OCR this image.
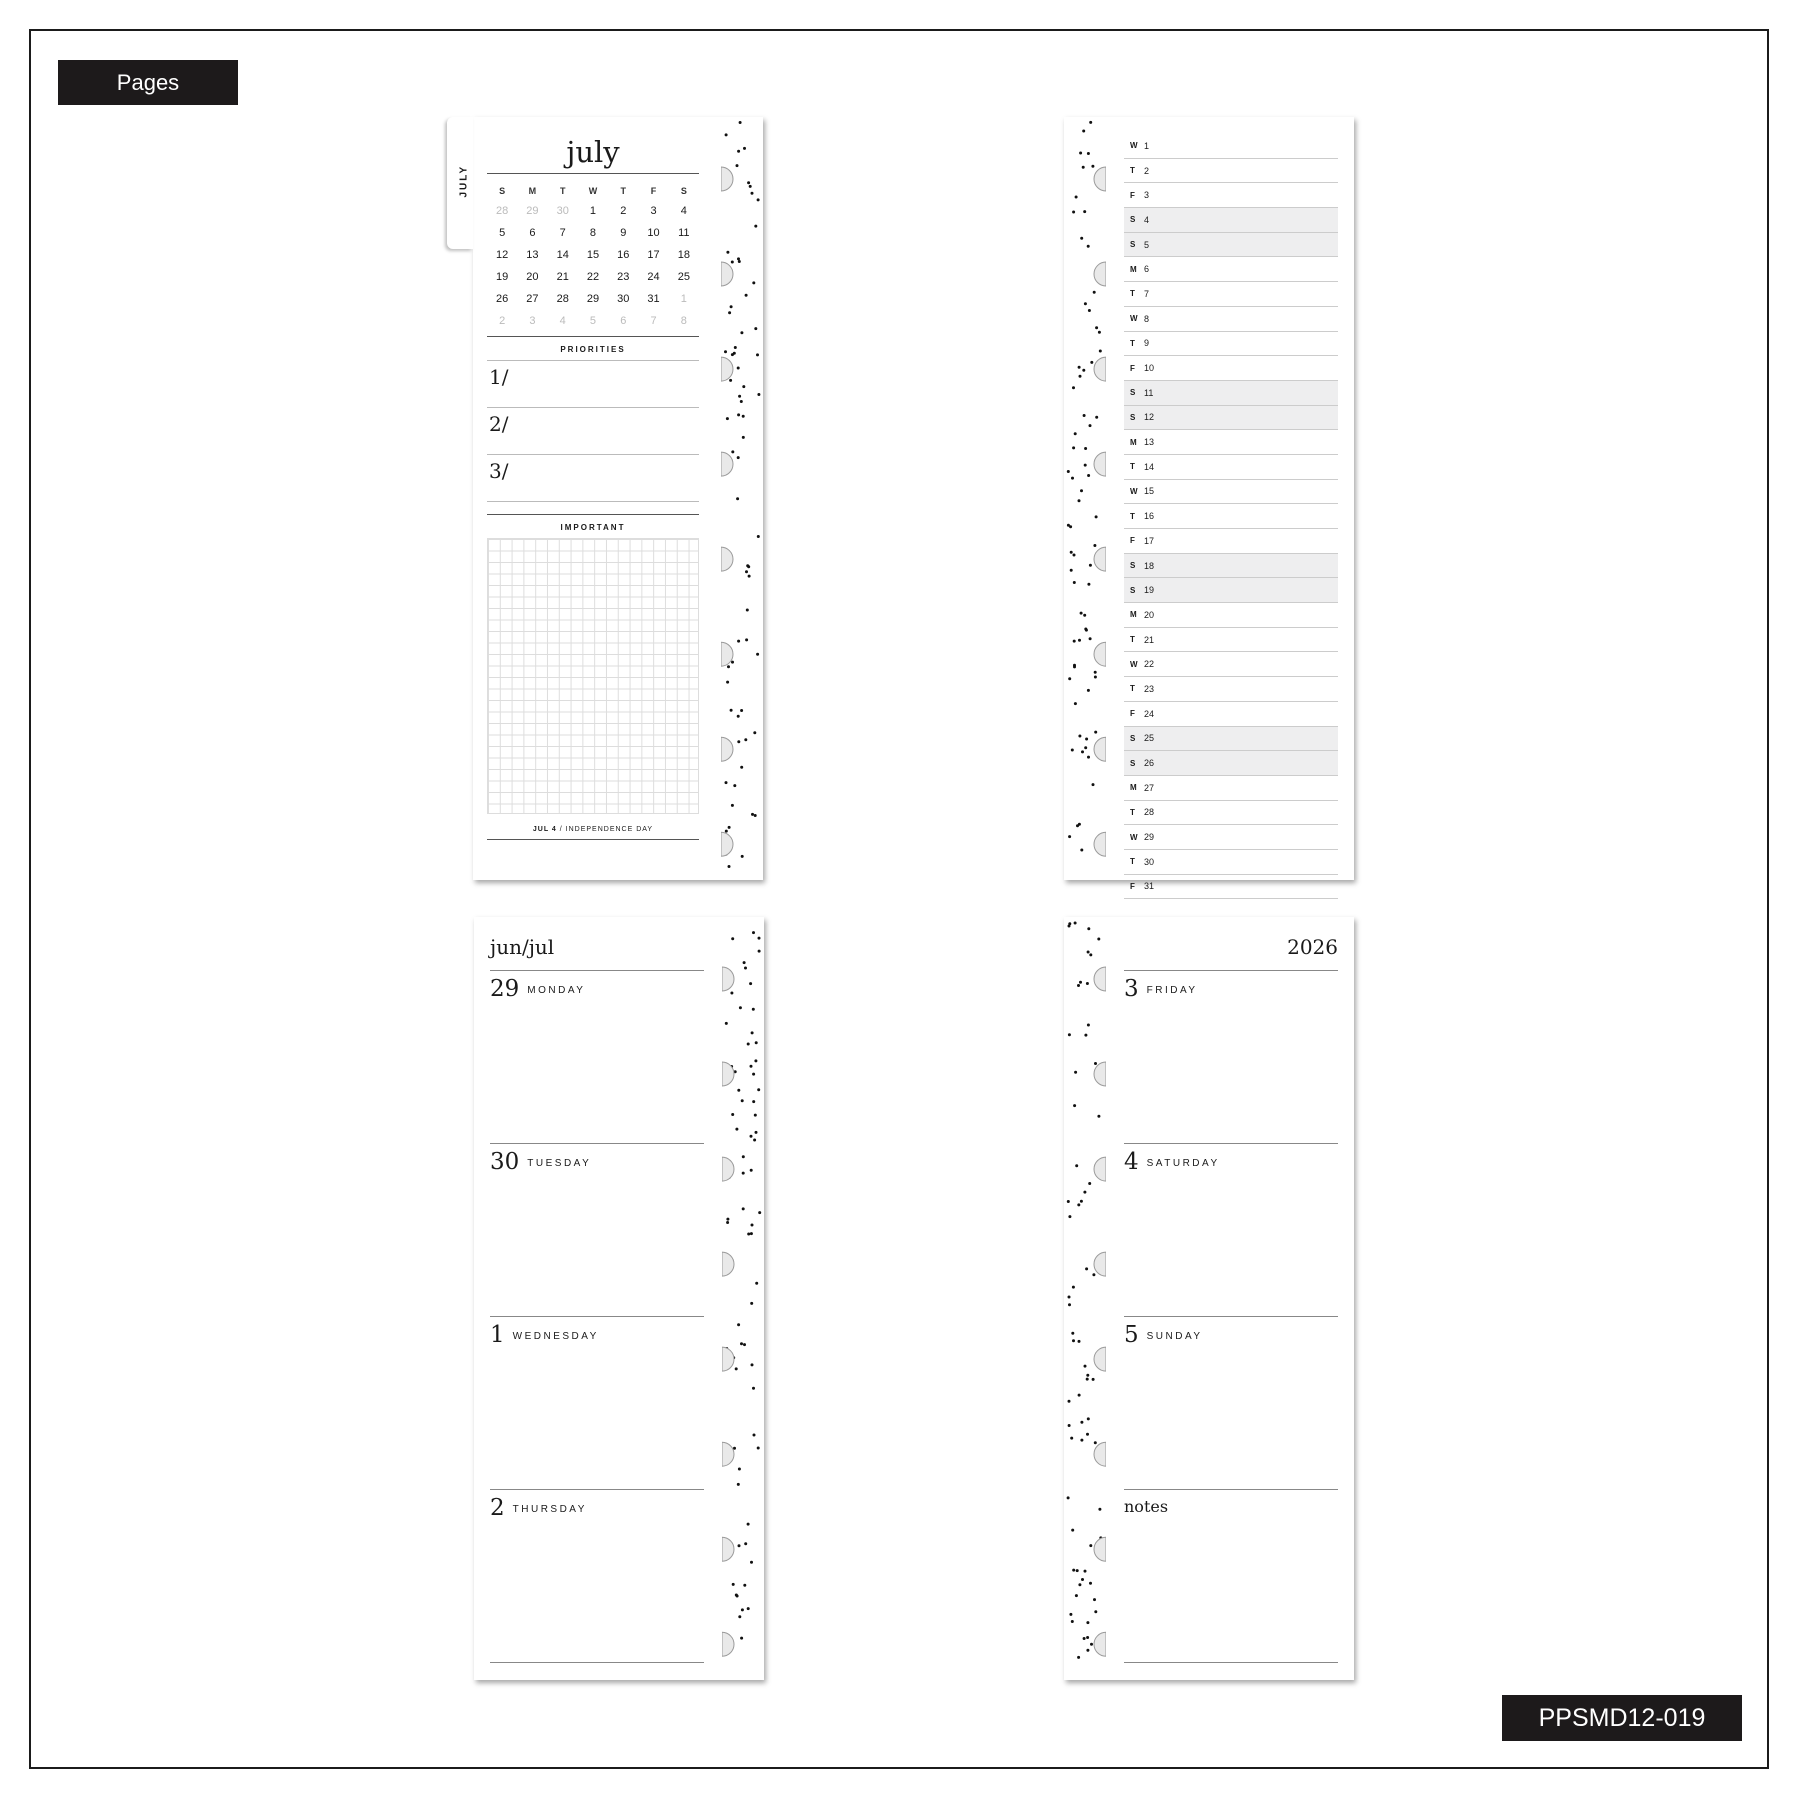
Pages
PPSMD12-019
JULY
july
S	M	T	W	T	F	S
28	29	30	1	2	3	4
5	6	7	8	9	10	11
12	13	14	15	16	17	18
19	20	21	22	23	24	25
26	27	28	29	30	31	1
2	3	4	5	6	7	8
PRIORITIES
1/
2/
3/
IMPORTANT
JUL 4 / INDEPENDENCE DAY
W 1
T	2
F	3
S 4
S 5
M 6
T	7
W 8
T	9
F	10
S 11
S 12
M 13
T	14
W 15
T	16
F	17
S 18
S 19
M 20
T	21
W 22
T	23
F	24
S 25
S 26
M 27
T	28
W 29
T	30
F	31
jun/jul
29 MONDAY
30 TUESDAY
1 WEDNESDAY
2 THURSDAY
2026
3 FRIDAY
4 SATURDAY
5 SUNDAY
notes
